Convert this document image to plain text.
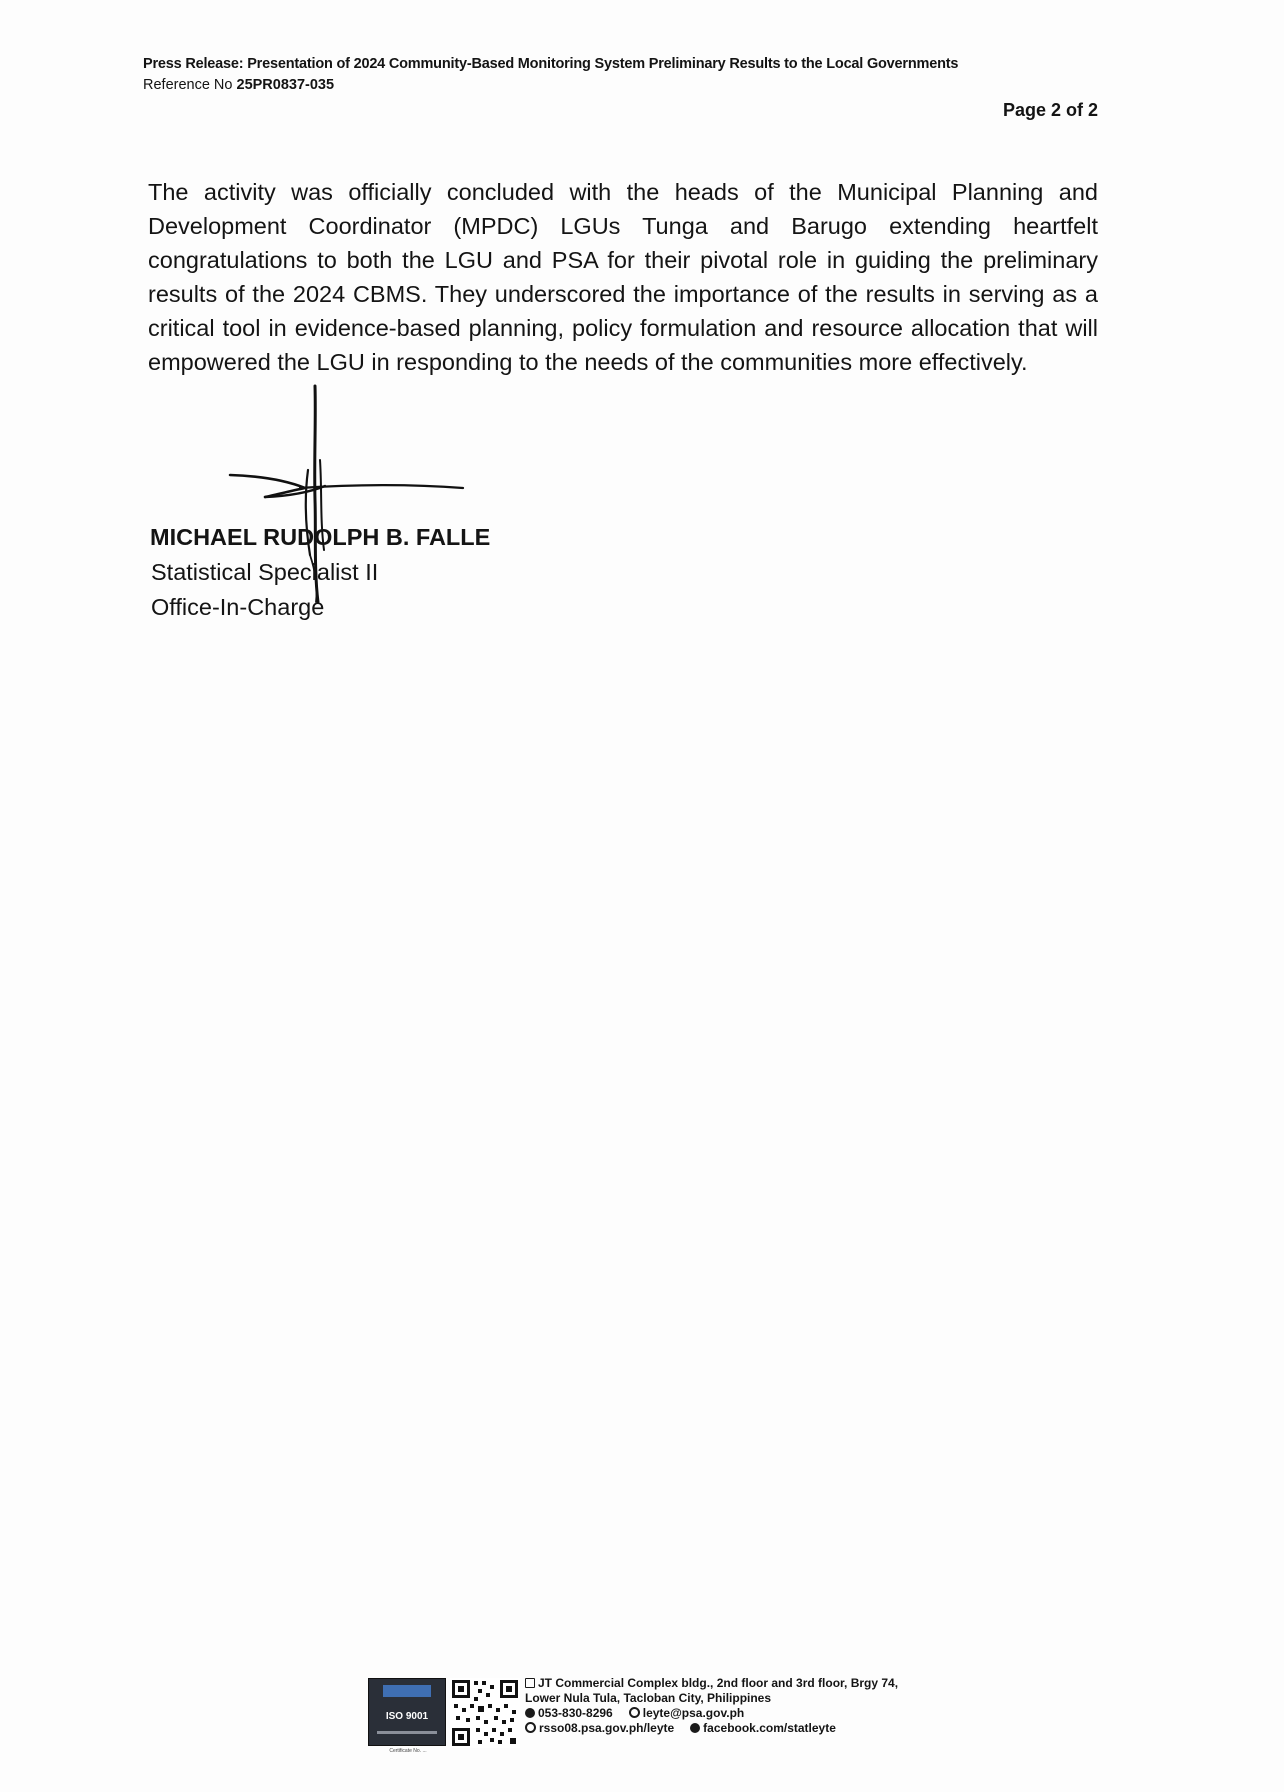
Press Release: Presentation of 2024 Community-Based Monitoring System Preliminary Results to the Local Governments
Reference No 25PR0837-035
Page 2 of 2
The activity was officially concluded with the heads of the Municipal Planning and Development Coordinator (MPDC) LGUs Tunga and Barugo extending heartfelt congratulations to both the LGU and PSA for their pivotal role in guiding the preliminary results of the 2024 CBMS. They underscored the importance of the results in serving as a critical tool in evidence-based planning, policy formulation and resource allocation that will empowered the LGU in responding to the needs of the communities more effectively.
MICHAEL RUDOLPH B. FALLE
Statistical Specialist II
Office-In-Charge
ISO 9001
Certificate No. ...
JT Commercial Complex bldg., 2nd floor and 3rd floor, Brgy 74,
Lower Nula Tula, Tacloban City, Philippines
053-830-8296	leyte@psa.gov.ph
rsso08.psa.gov.ph/leyte facebook.com/statleyte
